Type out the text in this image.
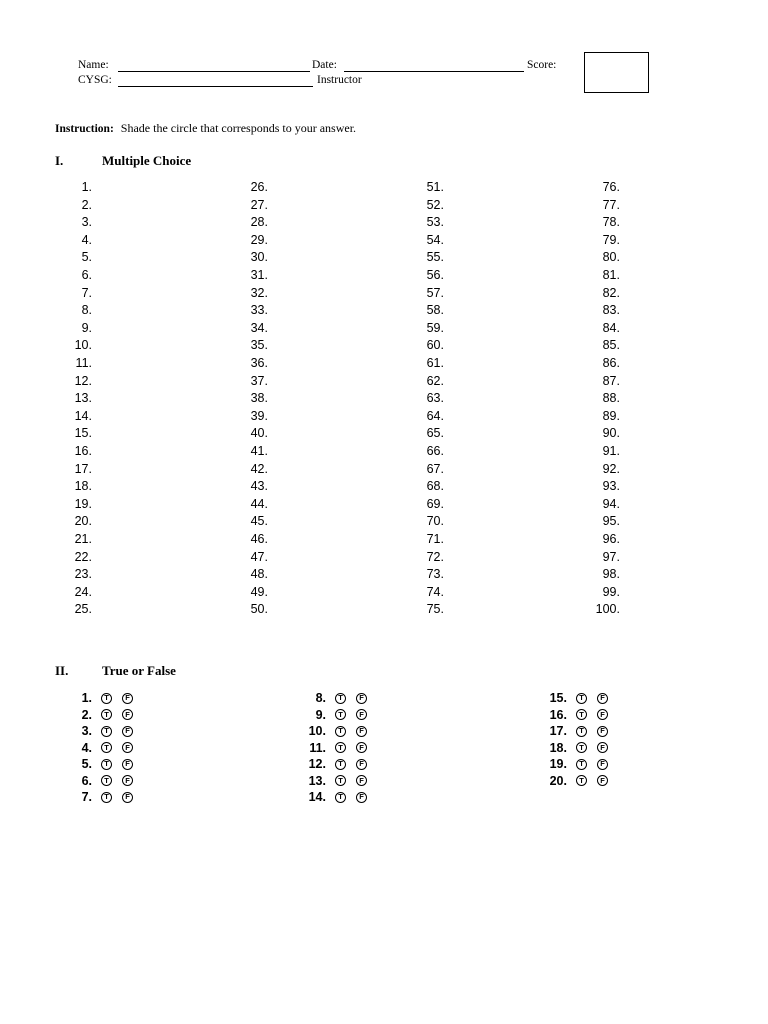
Name:	Date:	Score:
CYSG:	Instructor
Instruction: Shade the circle that corresponds to your answer.
I.	Multiple Choice
1.
2.
3.
4.
5.
6.
7.
8.
9.
10.
11.
12.
13.
14.
15.
16.
17.
18.
19.
20.
21.
22.
23.
24.
25.
26.
27.
28.
29.
30.
31.
32.
33.
34.
35.
36.
37.
38.
39.
40.
41.
42.
43.
44.
45.
46.
47.
48.
49.
50.
51.
52.
53.
54.
55.
56.
57.
58.
59.
60.
61.
62.
63.
64.
65.
66.
67.
68.
69.
70.
71.
72.
73.
74.
75.
76.
77.
78.
79.
80.
81.
82.
83.
84.
85.
86.
87.
88.
89.
90.
91.
92.
93.
94.
95.
96.
97.
98.
99.
100.
II.	True or False
1.	T	F
2.	T	F
3.	T	F
4.	T	F
5.	T	F
6.	T	F
7.	T	F
8.	T	F
9.	T	F
10.	T	F
11.	T	F
12.	T	F
13.	T	F
14.	T	F
15.	T	F
16.	T	F
17.	T	F
18.	T	F
19.	T	F
20.	T	F
